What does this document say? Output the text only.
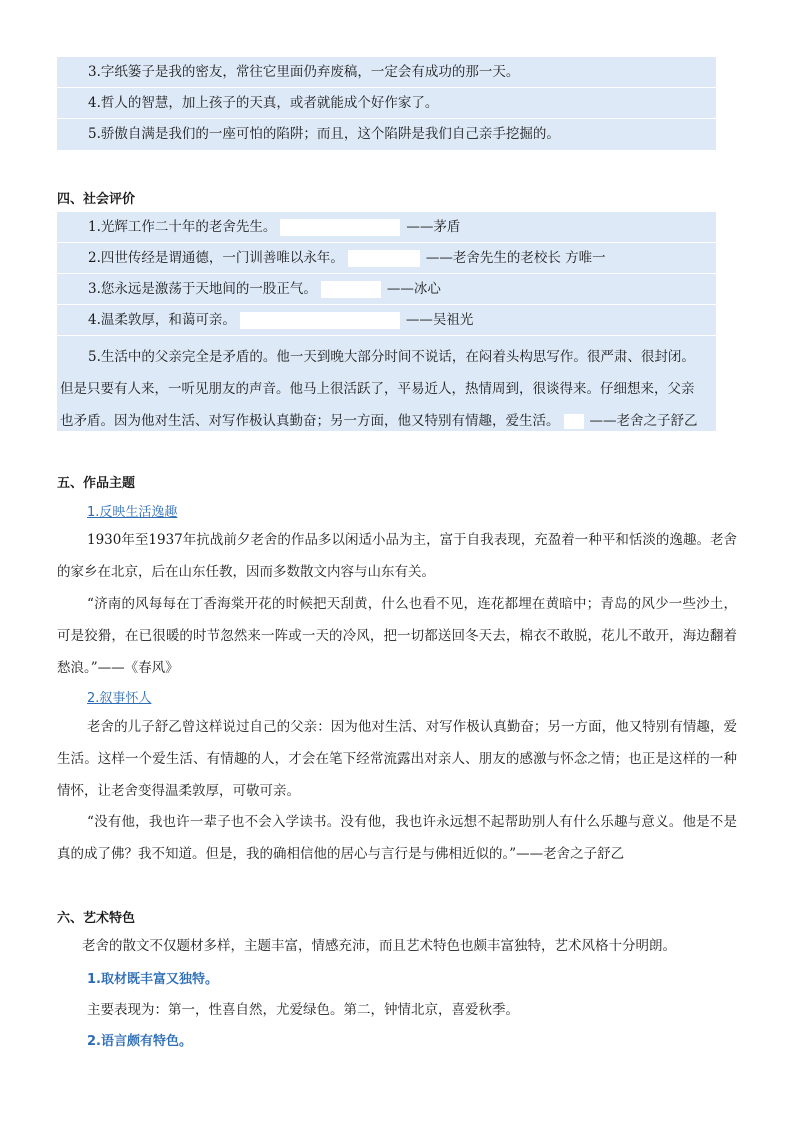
3.字纸篓子是我的密友，常往它里面仍弃废稿，一定会有成功的那一天。
4.哲人的智慧，加上孩子的天真，或者就能成个好作家了。
5.骄傲自满是我们的一座可怕的陷阱；而且，这个陷阱是我们自己亲手挖掘的。
四、社会评价
1.光辉工作二十年的老舍先生。	——茅盾
2.四世传经是谓通德，一门训善唯以永年。	——老舍先生的老校长 方唯一
3.您永远是激荡于天地间的一股正气。	——冰心
4.温柔敦厚，和蔼可亲。	——吴祖光
5.生活中的父亲完全是矛盾的。他一天到晚大部分时间不说话，在闷着头构思写作。很严肃、很封闭。
但是只要有人来，一听见朋友的声音。他马上很活跃了，平易近人，热情周到，很谈得来。仔细想来，父亲
也矛盾。因为他对生活、对写作极认真勤奋；另一方面，他又特别有情趣，爱生活。 ——老舍之子舒乙
五、作品主题
1.反映生活逸趣
1930年至1937年抗战前夕老舍的作品多以闲适小品为主，富于自我表现，充盈着一种平和恬淡的逸趣。老舍的家乡在北京，后在山东任教，因而多数散文内容与山东有关。
“济南的风每每在丁香海棠开花的时候把天刮黄，什么也看不见，连花都埋在黄暗中；青岛的风少一些沙土，可是狡猾，在已很暖的时节忽然来一阵或一天的冷风，把一切都送回冬天去，棉衣不敢脱，花儿不敢开，海边翻着愁浪。”——《春风》
2.叙事怀人
老舍的儿子舒乙曾这样说过自己的父亲：因为他对生活、对写作极认真勤奋；另一方面，他又特别有情趣，爱生活。这样一个爱生活、有情趣的人，才会在笔下经常流露出对亲人、朋友的感激与怀念之情；也正是这样的一种情怀，让老舍变得温柔敦厚，可敬可亲。
“没有他，我也许一辈子也不会入学读书。没有他，我也许永远想不起帮助别人有什么乐趣与意义。他是不是真的成了佛？我不知道。但是，我的确相信他的居心与言行是与佛相近似的。”——老舍之子舒乙
六、艺术特色
老舍的散文不仅题材多样，主题丰富，情感充沛，而且艺术特色也颇丰富独特，艺术风格十分明朗。
1.取材既丰富又独特。
主要表现为：第一，性喜自然，尤爱绿色。第二，钟情北京，喜爱秋季。
2.语言颇有特色。
